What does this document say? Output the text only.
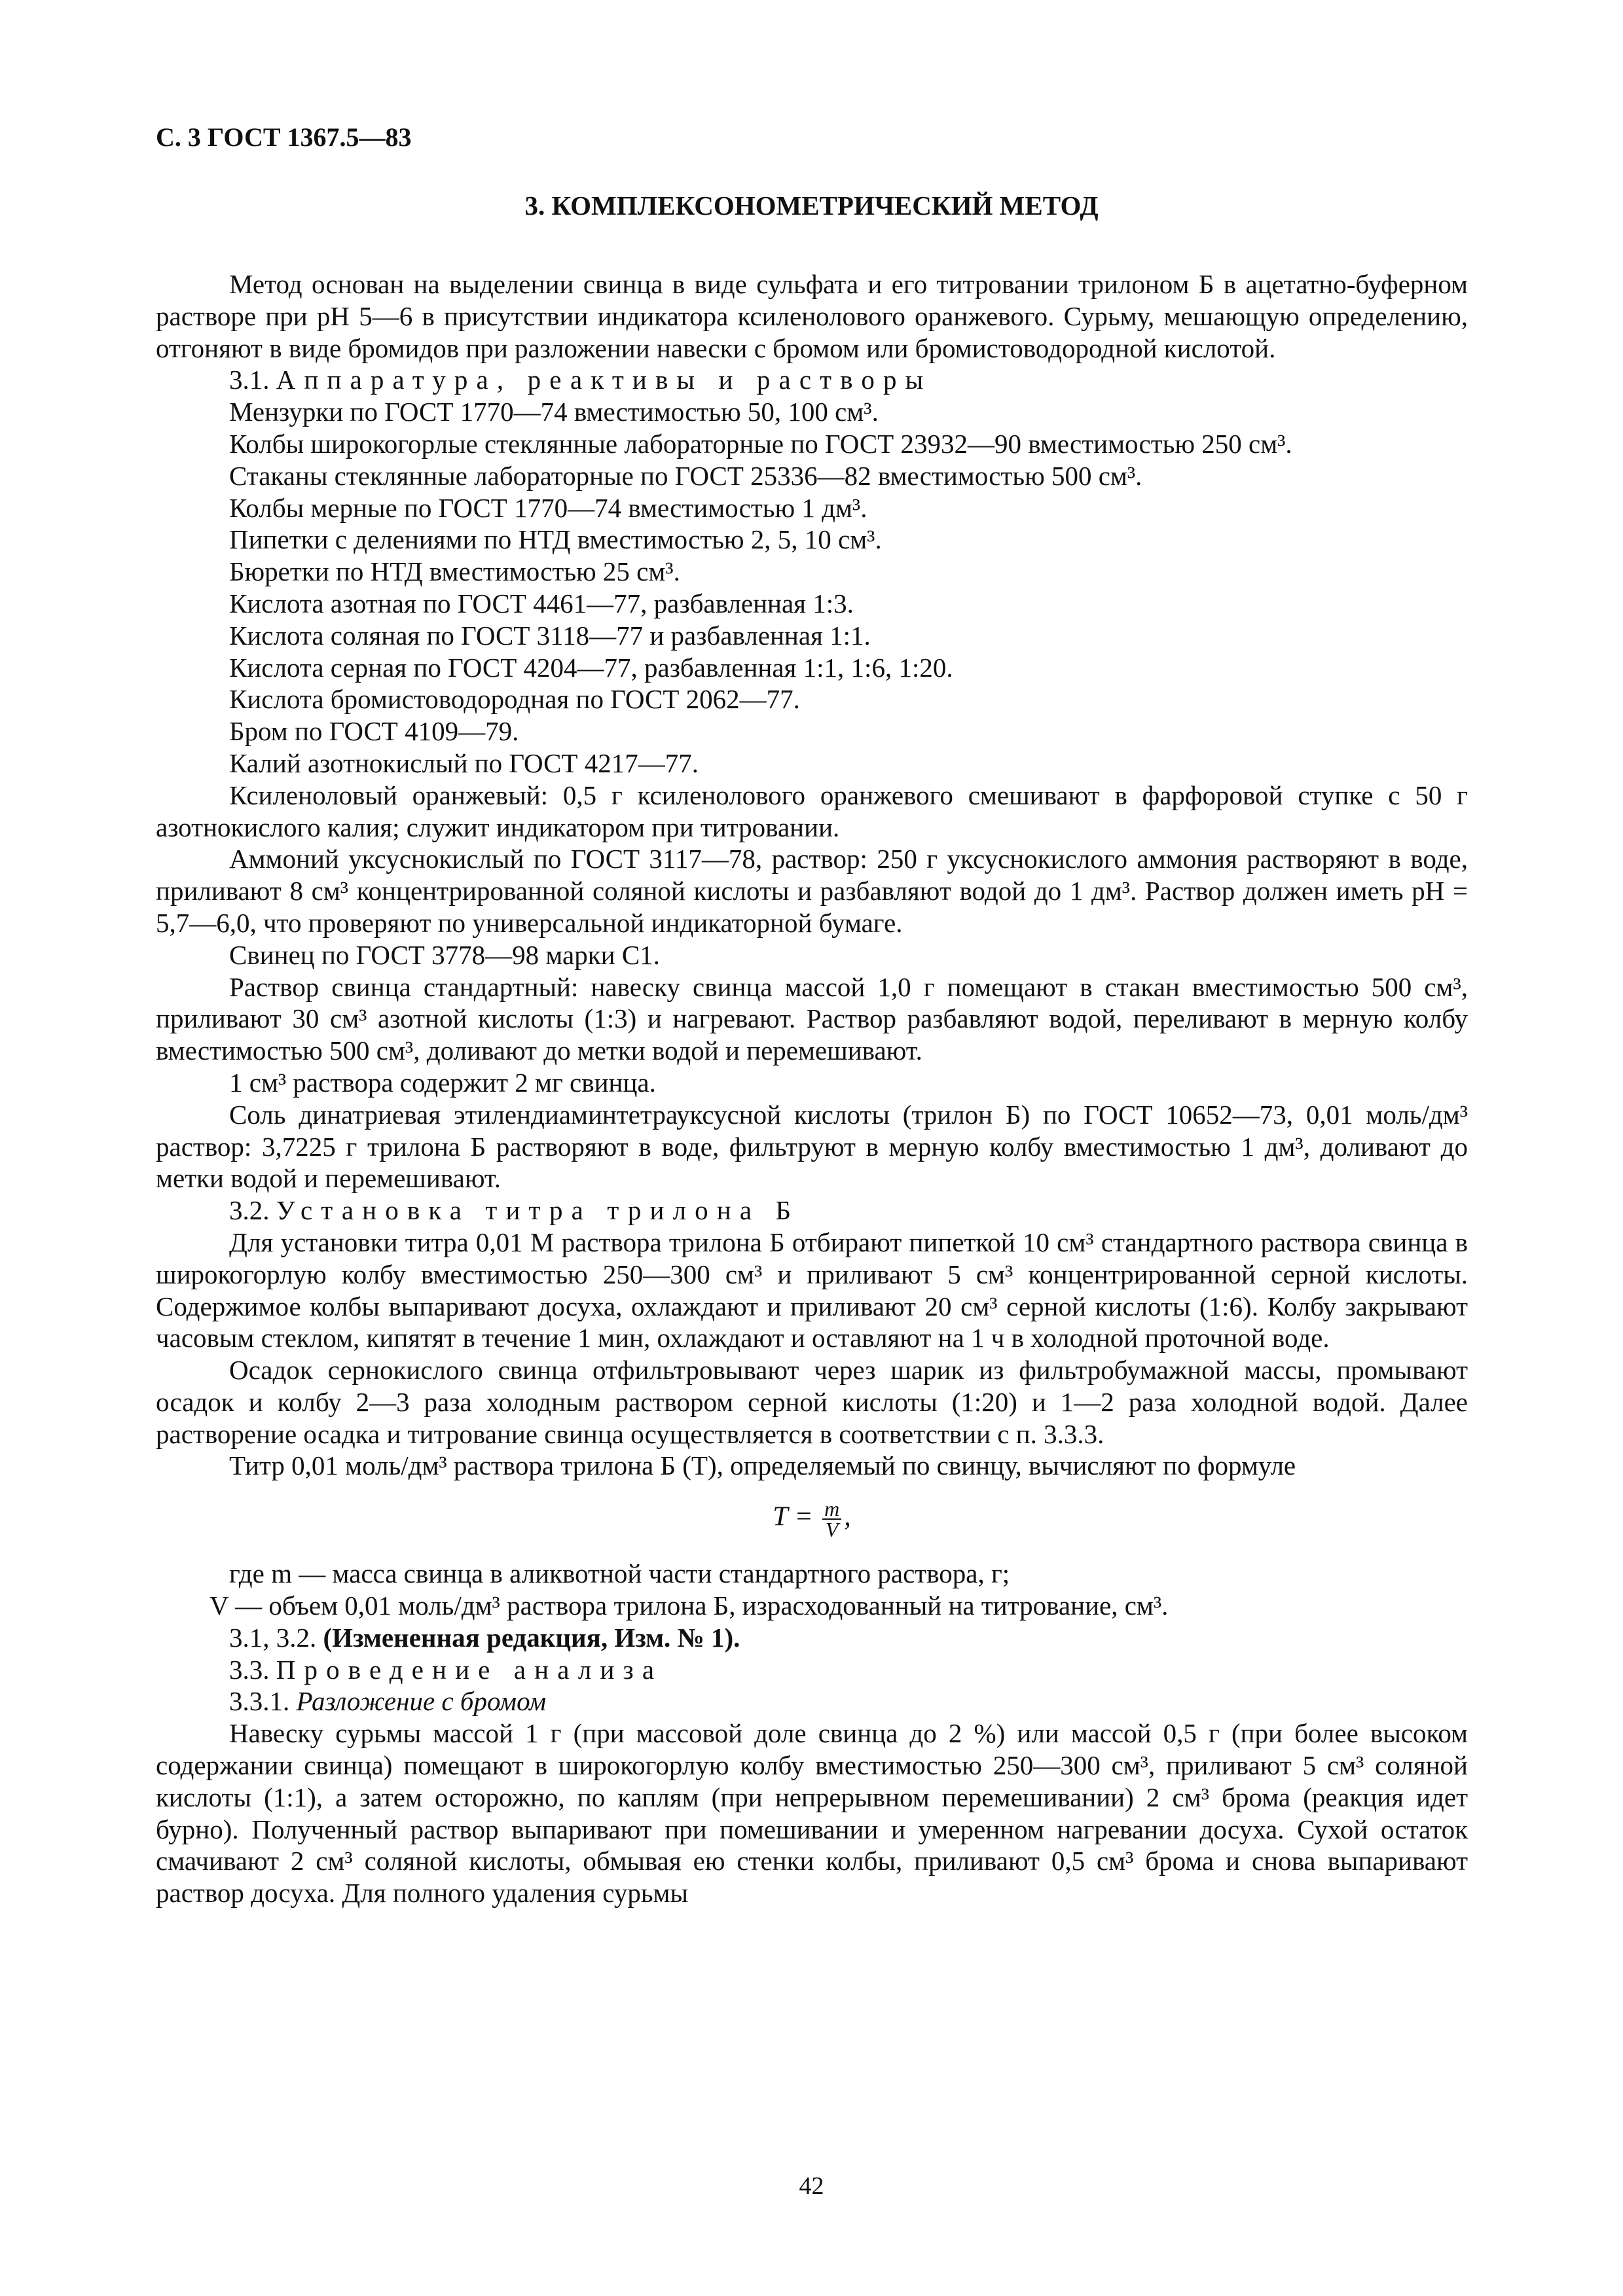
С. 3 ГОСТ 1367.5—83
3. КОМПЛЕКСОНОМЕТРИЧЕСКИЙ МЕТОД

Метод основан на выделении свинца в виде сульфата и его титровании трилоном Б в ацетатно-буферном растворе при pH 5—6 в присутствии индикатора ксиленолового оранжевого. Сурьму, мешающую определению, отгоняют в виде бромидов при разложении навески с бромом или бромистоводородной кислотой.

3.1. Аппаратура, реактивы и растворы

Мензурки по ГОСТ 1770—74 вместимостью 50, 100 см³.

Колбы широкогорлые стеклянные лабораторные по ГОСТ 23932—90 вместимостью 250 см³.

Стаканы стеклянные лабораторные по ГОСТ 25336—82 вместимостью 500 см³.

Колбы мерные по ГОСТ 1770—74 вместимостью 1 дм³.

Пипетки с делениями по НТД вместимостью 2, 5, 10 см³.

Бюретки по НТД вместимостью 25 см³.

Кислота азотная по ГОСТ 4461—77, разбавленная 1:3.

Кислота соляная по ГОСТ 3118—77 и разбавленная 1:1.

Кислота серная по ГОСТ 4204—77, разбавленная 1:1, 1:6, 1:20.

Кислота бромистоводородная по ГОСТ 2062—77.

Бром по ГОСТ 4109—79.

Калий азотнокислый по ГОСТ 4217—77.

Ксиленоловый оранжевый: 0,5 г ксиленолового оранжевого смешивают в фарфоровой ступке с 50 г азотнокислого калия; служит индикатором при титровании.

Аммоний уксуснокислый по ГОСТ 3117—78, раствор: 250 г уксуснокислого аммония растворяют в воде, приливают 8 см³ концентрированной соляной кислоты и разбавляют водой до 1 дм³. Раствор должен иметь pH = 5,7—6,0, что проверяют по универсальной индикаторной бумаге.

Свинец по ГОСТ 3778—98 марки С1.

Раствор свинца стандартный: навеску свинца массой 1,0 г помещают в стакан вместимостью 500 см³, приливают 30 см³ азотной кислоты (1:3) и нагревают. Раствор разбавляют водой, переливают в мерную колбу вместимостью 500 см³, доливают до метки водой и перемешивают.

1 см³ раствора содержит 2 мг свинца.

Соль динатриевая этилендиаминтетрауксусной кислоты (трилон Б) по ГОСТ 10652—73, 0,01 моль/дм³ раствор: 3,7225 г трилона Б растворяют в воде, фильтруют в мерную колбу вместимостью 1 дм³, доливают до метки водой и перемешивают.

3.2. Установка титра трилона Б

Для установки титра 0,01 М раствора трилона Б отбирают пипеткой 10 см³ стандартного раствора свинца в широкогорлую колбу вместимостью 250—300 см³ и приливают 5 см³ концентрированной серной кислоты. Содержимое колбы выпаривают досуха, охлаждают и приливают 20 см³ серной кислоты (1:6). Колбу закрывают часовым стеклом, кипятят в течение 1 мин, охлаждают и оставляют на 1 ч в холодной проточной воде.

Осадок сернокислого свинца отфильтровывают через шарик из фильтробумажной массы, промывают осадок и колбу 2—3 раза холодным раствором серной кислоты (1:20) и 1—2 раза холодной водой. Далее растворение осадка и титрование свинца осуществляется в соответствии с п. 3.3.3.

Титр 0,01 моль/дм³ раствора трилона Б (T), определяемый по свинцу, вычисляют по формуле

$T = \frac{m}{V}$ ,

где m — масса свинца в аликвотной части стандартного раствора, г;

V — объем 0,01 моль/дм³ раствора трилона Б, израсходованный на титрование, см³.

3.1, 3.2. (Измененная редакция, Изм. № 1).

3.3. Проведение анализа

3.3.1. Разложение с бромом

Навеску сурьмы массой 1 г (при массовой доле свинца до 2 %) или массой 0,5 г (при более высоком содержании свинца) помещают в широкогорлую колбу вместимостью 250—300 см³, приливают 5 см³ соляной кислоты (1:1), а затем осторожно, по каплям (при непрерывном перемешивании) 2 см³ брома (реакция идет бурно). Полученный раствор выпаривают при помешивании и умеренном нагревании досуха. Сухой остаток смачивают 2 см³ соляной кислоты, обмывая ею стенки колбы, приливают 0,5 см³ брома и снова выпаривают раствор досуха. Для полного удаления сурьмы

42
